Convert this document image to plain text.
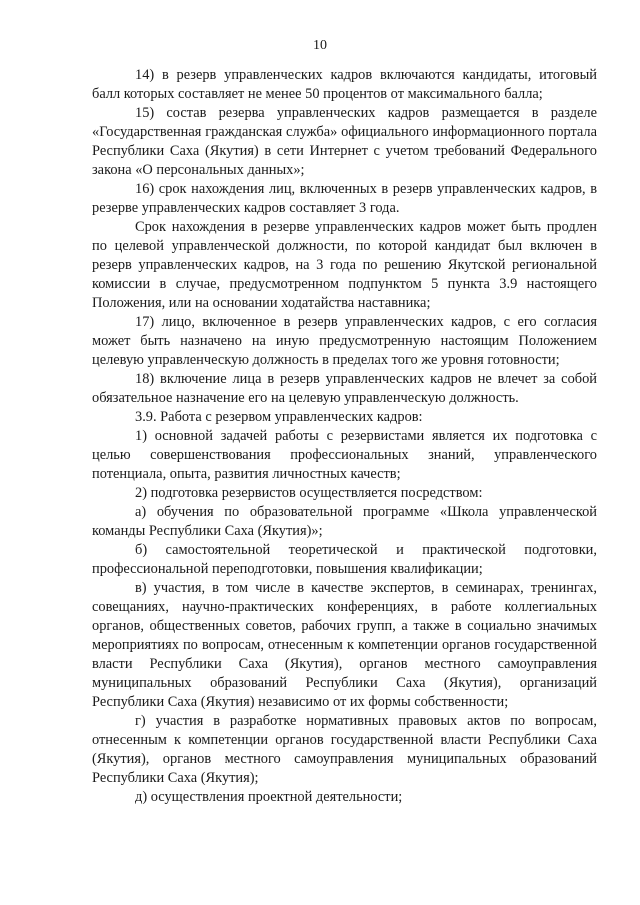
10

14) в резерв управленческих кадров включаются кандидаты, итоговый балл которых составляет не менее 50 процентов от максимального балла;

15) состав резерва управленческих кадров размещается в разделе «Государственная гражданская служба» официального информационного портала Республики Саха (Якутия) в сети Интернет с учетом требований Федерального закона «О персональных данных»;

16) срок нахождения лиц, включенных в резерв управленческих кадров, в резерве управленческих кадров составляет 3 года.

Срок нахождения в резерве управленческих кадров может быть продлен по целевой управленческой должности, по которой кандидат был включен в резерв управленческих кадров, на 3 года по решению Якутской региональной комиссии в случае, предусмотренном подпунктом 5 пункта 3.9 настоящего Положения, или на основании ходатайства наставника;

17) лицо, включенное в резерв управленческих кадров, с его согласия может быть назначено на иную предусмотренную настоящим Положением целевую управленческую должность в пределах того же уровня готовности;

18) включение лица в резерв управленческих кадров не влечет за собой обязательное назначение его на целевую управленческую должность.

3.9. Работа с резервом управленческих кадров:

1) основной задачей работы с резервистами является их подготовка с целью совершенствования профессиональных знаний, управленческого потенциала, опыта, развития личностных качеств;

2) подготовка резервистов осуществляется посредством:

а) обучения по образовательной программе «Школа управленческой команды Республики Саха (Якутия)»;

б) самостоятельной теоретической и практической подготовки, профессиональной переподготовки, повышения квалификации;

в) участия, в том числе в качестве экспертов, в семинарах, тренингах, совещаниях, научно-практических конференциях, в работе коллегиальных органов, общественных советов, рабочих групп, а также в социально значимых мероприятиях по вопросам, отнесенным к компетенции органов государственной власти Республики Саха (Якутия), органов местного самоуправления муниципальных образований Республики Саха (Якутия), организаций Республики Саха (Якутия) независимо от их формы собственности;

г) участия в разработке нормативных правовых актов по вопросам, отнесенным к компетенции органов государственной власти Республики Саха (Якутия), органов местного самоуправления муниципальных образований Республики Саха (Якутия);

д) осуществления проектной деятельности;
